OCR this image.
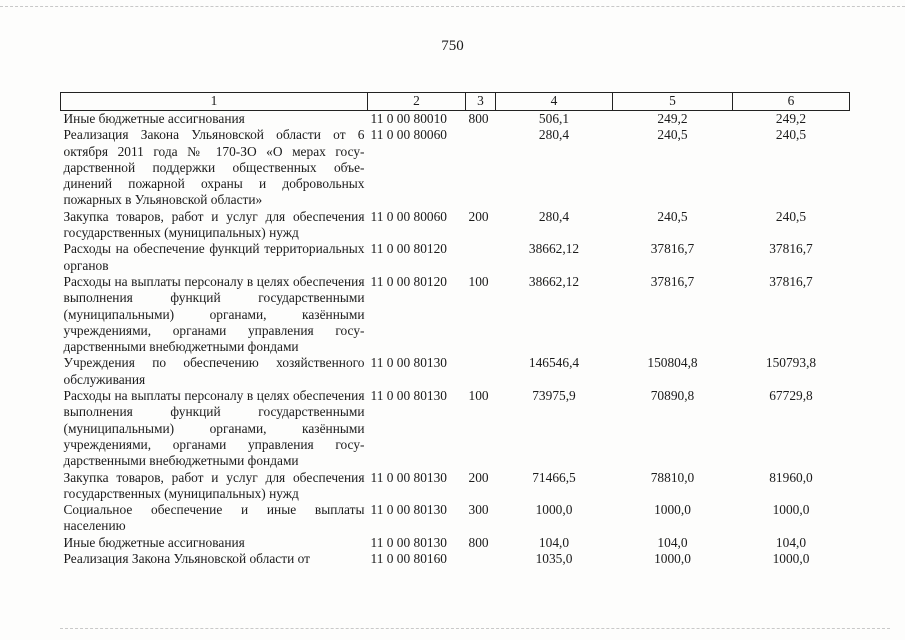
750
1	2	3	4	5	6
Иные бюджетные ассигнования	11 0 00 80010	800	506,1	249,2	249,2
Реализация Закона Ульяновской области от 6 октября 2011 года № 170-ЗО «О мерах государственной поддержки общественных объединений пожарной охраны и добровольных пожарных в Ульяновской области»	11 0 00 80060		280,4	240,5	240,5
Закупка товаров, работ и услуг для обеспечения государственных (муниципальных) нужд	11 0 00 80060	200	280,4	240,5	240,5
Расходы на обеспечение функций территориальных органов	11 0 00 80120		38662,12	37816,7	37816,7
Расходы на выплаты персоналу в целях обеспечения выполнения функций государственными (муниципальными) органами, казёнными учреждениями, органами управления государственными внебюджетными фондами	11 0 00 80120	100	38662,12	37816,7	37816,7
Учреждения по обеспечению хозяйственного обслуживания	11 0 00 80130		146546,4	150804,8	150793,8
Расходы на выплаты персоналу в целях обеспечения выполнения функций государственными (муниципальными) органами, казёнными учреждениями, органами управления государственными внебюджетными фондами	11 0 00 80130	100	73975,9	70890,8	67729,8
Закупка товаров, работ и услуг для обеспечения государственных (муниципальных) нужд	11 0 00 80130	200	71466,5	78810,0	81960,0
Социальное обеспечение и иные выплаты населению	11 0 00 80130	300	1000,0	1000,0	1000,0
Иные бюджетные ассигнования	11 0 00 80130	800	104,0	104,0	104,0
Реализация Закона Ульяновской области от	11 0 00 80160		1035,0	1000,0	1000,0
